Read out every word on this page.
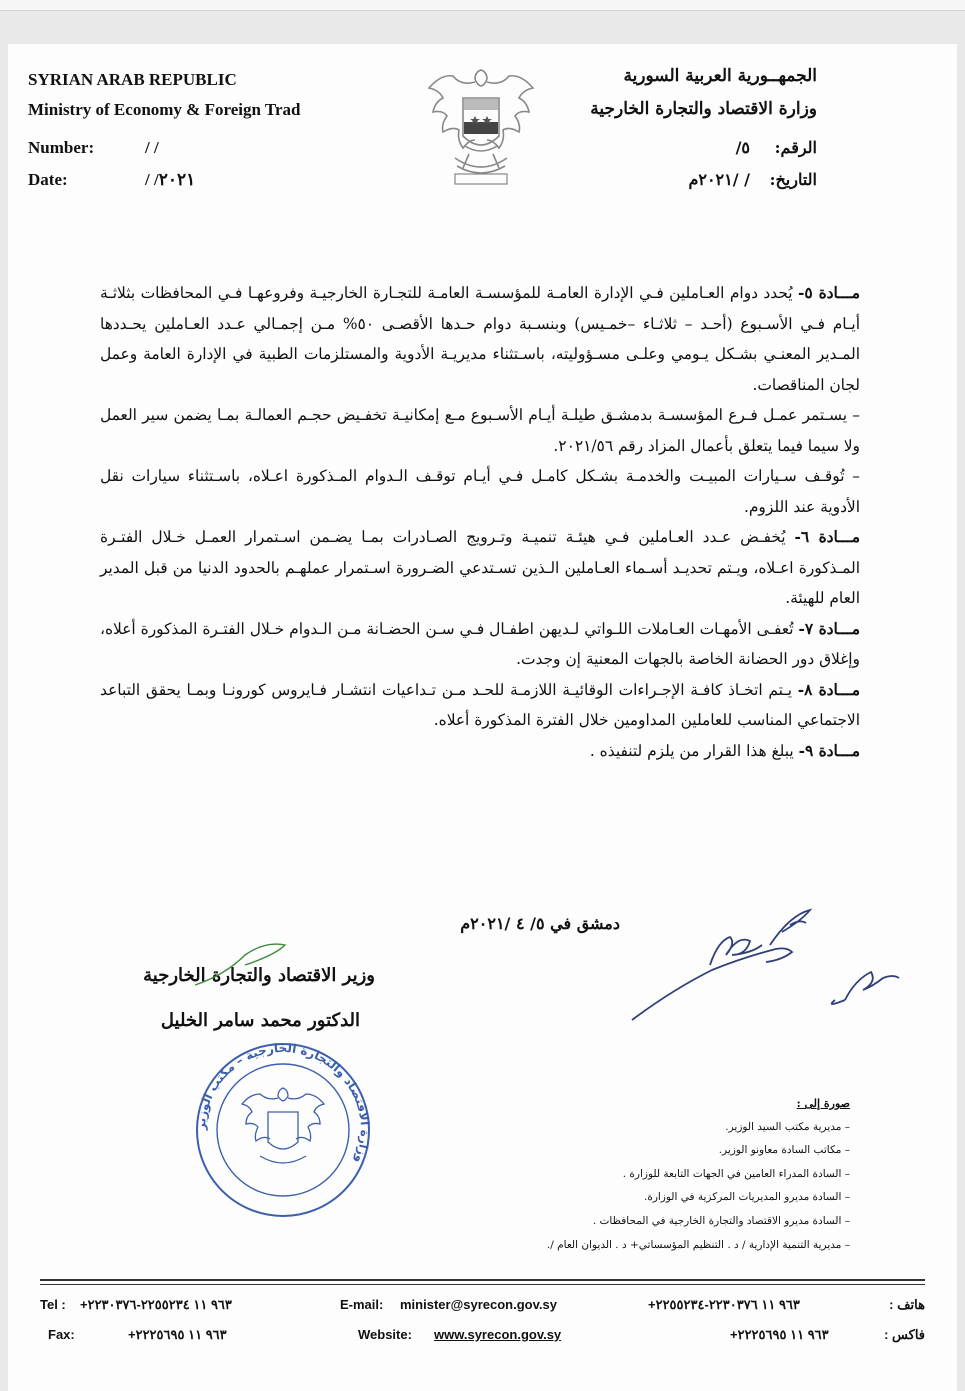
SYRIAN ARAB REPUBLIC
Ministry of Economy & Foreign Trad
Number:	/ /
Date:	/ /٢٠٢١
الجمهــورية العربية السورية
وزارة الاقتصاد والتجارة الخارجية
الرقم:
٥/
التاريخ:
/ /٢٠٢١م

مـــادة ٥- يُحدد دوام العـاملين فـي الإدارة العامـة للمؤسسـة العامـة للتجـارة الخارجيـة وفروعهـا فـي المحافظات بثلاثـة أيـام فـي الأسـبوع (أحـد – ثلاثـاء –خمـيس) وبنسـبة دوام حـدها الأقصـى ٥٠% مـن إجمـالي عـدد العـاملين يحـددها المـدير المعنـي بشـكل يـومي وعلـى مسـؤوليته، باسـتثناء مديريـة الأدوية والمستلزمات الطبية في الإدارة العامة وعمل لجان المناقصات.

– يسـتمر عمـل فـرع المؤسسـة بدمشـق طيلـة أيـام الأسـبوع مـع إمكانيـة تخفـيض حجـم العمالـة بمـا يضمن سير العمل ولا سيما فيما يتعلق بأعمال المزاد رقم ٢٠٢١/٥٦.

– تُوقـف سـيارات المبيـت والخدمـة بشـكل كامـل فـي أيـام توقـف الـدوام المـذكورة اعـلاه، باسـتثناء سيارات نقل الأدوية عند اللزوم.

مـــادة ٦- يُخفـض عـدد العـاملين فـي هيئـة تنميـة وتـرويج الصـادرات بمـا يضـمن اسـتمرار العمـل خـلال الفتـرة المـذكورة اعـلاه، ويـتم تحديـد أسـماء العـاملين الـذين تسـتدعي الضـرورة اسـتمرار عملهـم بالحدود الدنيا من قبل المدير العام للهيئة.

مـــادة ٧- تُعفـى الأمهـات العـاملات اللـواتي لـديهن اطفـال فـي سـن الحضـانة مـن الـدوام خـلال الفتـرة المذكورة أعلاه، وإغلاق دور الحضانة الخاصة بالجهات المعنية إن وجدت.

مـــادة ٨- يـتم اتخـاذ كافـة الإجـراءات الوقائيـة اللازمـة للحـد مـن تـداعيات انتشـار فـايروس كورونـا وبمـا يحقق التباعد الاجتماعي المناسب للعاملين المداومين خلال الفترة المذكورة أعلاه.

مـــادة ٩- يبلغ هذا القرار من يلزم لتنفيذه .

دمشق في ٥/ ٤ /٢٠٢١م
وزير الاقتصاد والتجارة الخارجية
الدكتور محمد سامر الخليل
وزارة الاقتصاد والتجارة الخارجية – مكتب الوزير
صورة إلى :
– مديرية مكتب السيد الوزير.
– مكاتب السادة معاونو الوزير.
– السادة المدراء العامين في الجهات التابعة للوزارة .
– السادة مديرو المديريات المركزية في الوزارة.
– السادة مديرو الاقتصاد والتجارة الخارجية في المحافظات .
– مديرية التنمية الإدارية / د . التنظيم المؤسساتي+ د . الديوان العام /.
Tel : +٩٦٣ ١١ ٢٢٥٥٢٣٤-٢٢٣٠٣٧٦	E-mail: minister@syrecon.gov.sy	هاتف :
+٩٦٣ ١١ ٢٢٣٠٣٧٦-٢٢٥٥٢٣٤
Fax:	+٩٦٣ ١١ ٢٢٢٥٦٩٥	Website: www.syrecon.gov.sy	فاكس :
+٩٦٣ ١١ ٢٢٢٥٦٩٥
